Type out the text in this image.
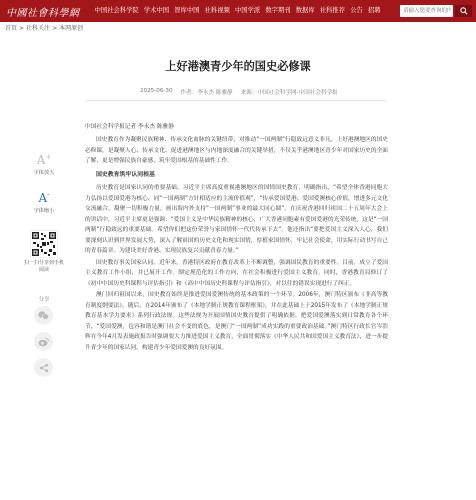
中國社會科學網	中国社会科学院 学术中国 智库中国 社科视频 中国学派 数字期刊 数据库 社科推荐 公告 招聘
请输入您要查询的内容
首页 > 社科关注 > 本网原创
上好港澳青少年的国史必修课
2025-06-30 作者：李永杰 陈雅静 来源：中国社会科学网-中国社会科学报
A+
字体放大
A-
字体缩小
扫一扫分享到手机阅读
分享

中国社会科学报记者 李永杰 陈雅静

国史教育作为凝聚民族精神、传承文化血脉的关键纽带，对推动“一国两制”行稳致远意义非凡。上好港澳地区的国史必修课，是凝聚人心、传承文化、促进港澳地区与内地深度融合的关键举措，不仅关乎港澳地区青少年对国家历史的全面了解，更是增强民族自豪感、筑牢爱国根基的基础性工作。

国史教育筑牢认同根基

历史教育是国家认同的重要基础。习近平主席高度重视港澳地区的国情国史教育，明确指出，“希望全体香港同胞大力弘扬以爱国爱港为核心、同“一国两制”方针相适应的主流价值观”，“传承爱国爱港、爱国爱澳核心价值，增进多元文化交流融合，凝聚一切积极力量，画出海内外支持“一国两制”事业的最大同心圆”。在庆祝香港回归祖国二十五周年大会上的讲话中，习近平主席更是强调：“爱国主义是中华民族精神的核心，广大香港同胞素有爱国爱港的光荣传统。这是“一国两制”行稳致远的重要基础。希望你们把这份荣誉与家国情怀一代代传承下去”。他还指出“要把爱国主义深入人心，我们要深刻认识到世界发展大势，深入了解祖国的历史文化和现实国情，厚植家国情怀，牢记社会使命，用实际行动书写自己的青春篇章。为建设美好香港、实现民族复兴贡献青春力量。”

国史教育事关国家认同。近年来，香港特区政府在教育改革上不断调整，强调国民教育的重要性。目前，成立了爱国主义教育工作小组，并已展开工作。制定规范化的工作方向，在社会积极进行爱国主义教育。同时，香港教育局修订了《初中中国历史科课程与评估指引》和《高中中国历史科课程与评估指引》，对以往的错误实现进行了纠正。

澳门回归祖国以来，国史教育始终是推进爱国爱澳传统的基本政策的一个环节。2006年，澳门特区颁布《非高等教育制度纲要法》，随后，在2014年颁布了《本地学制正规教育课程框架》，并在此基础上于2015年发布了《本地学制正规教育基本学力要求》系列行政法规。这些法规为开展国情国史教育提供了明确依据。把爱国爱澳落实到日常教育各个环节，“爱国爱澳，包容和谐是澳门社会不变的底色，是澳门“一国两制”成功实践的重要政治基础。”澳门特区行政长官岑浩辉在今年4月发表施政报告时强调要大力推进爱国主义教育，全面贯彻落实《中华人民共和国爱国主义教育法》，进一步提升青少年的国家认同，构建青少年爱国爱澳的良好氛围。
